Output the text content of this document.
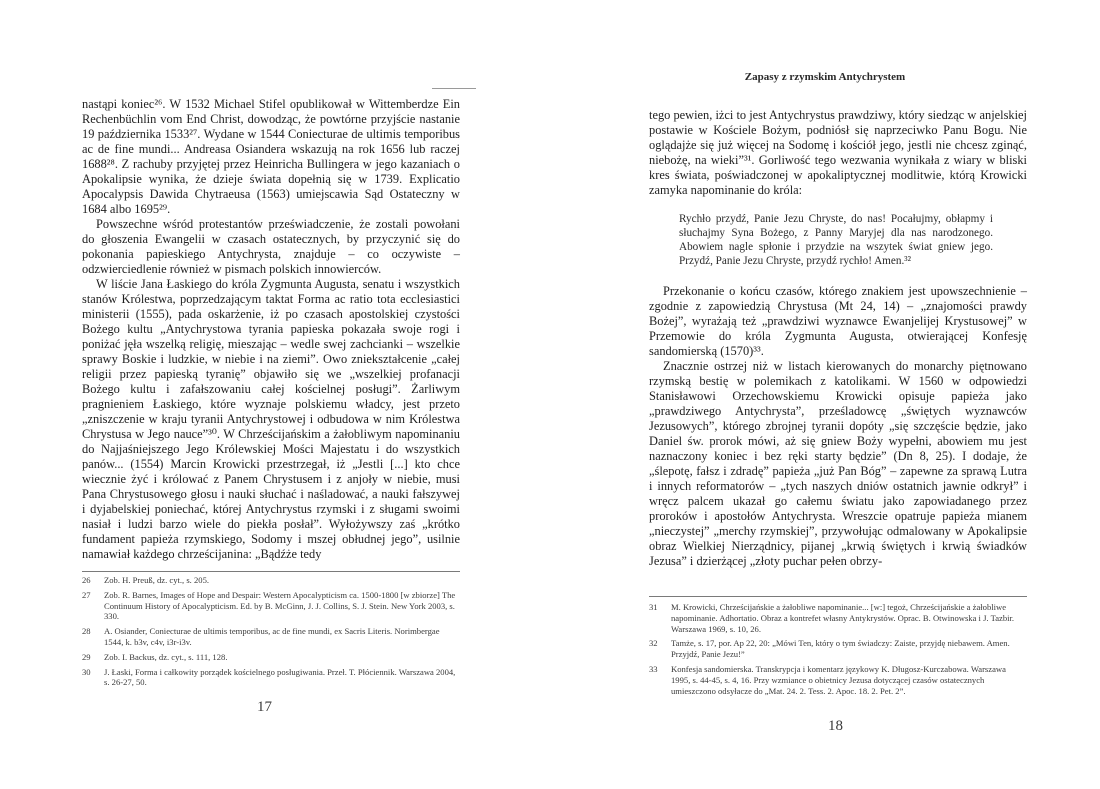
nastąpi koniec²⁶. W 1532 Michael Stifel opublikował w Wittemberdze Ein Rechenbüchlin vom End Christ, dowodząc, że powtórne przyjście nastanie 19 października 1533²⁷. Wydane w 1544 Coniecturae de ultimis temporibus ac de fine mundi... Andreasa Osiandera wskazują na rok 1656 lub raczej 1688²⁸. Z rachuby przyjętej przez Heinricha Bullingera w jego kazaniach o Apokalipsie wynika, że dzieje świata dopełnią się w 1739. Explicatio Apocalypsis Dawida Chytraeusa (1563) umiejscawia Sąd Ostateczny w 1684 albo 1695²⁹.

Powszechne wśród protestantów przeświadczenie, że zostali powołani do głoszenia Ewangelii w czasach ostatecznych, by przyczynić się do pokonania papieskiego Antychrysta, znajduje – co oczywiste – odzwierciedlenie również w pismach polskich innowierców.

W liście Jana Łaskiego do króla Zygmunta Augusta, senatu i wszystkich stanów Królestwa, poprzedzającym taktat Forma ac ratio tota ecclesiastici ministerii (1555), pada oskarżenie, iż po czasach apostolskiej czystości Bożego kultu „Antychrystowa tyrania papieska pokazała swoje rogi i poniżać jęła wszelką religię, mieszając – wedle swej zachcianki – wszelkie sprawy Boskie i ludzkie, w niebie i na ziemi”. Owo zniekształcenie „całej religii przez papieską tyranię” objawiło się we „wszelkiej profanacji Bożego kultu i zafałszowaniu całej kościelnej posługi”. Żarliwym pragnieniem Łaskiego, które wyznaje polskiemu władcy, jest przeto „zniszczenie w kraju tyranii Antychrystowej i odbudowa w nim Królestwa Chrystusa w Jego nauce”³⁰. W Chrześcijańskim a żałobliwym napominaniu do Najjaśniejszego Jego Królewskiej Mości Majestatu i do wszystkich panów... (1554) Marcin Krowicki przestrzegał, iż „Jestli [...] kto chce wiecznie żyć i królować z Panem Chrystusem i z anjoły w niebie, musi Pana Chrystusowego głosu i nauki słuchać i naśladować, a nauki fałszywej i dyjabelskiej poniechać, której Antychrystus rzymski i z sługami swoimi nasiał i ludzi barzo wiele do piekła posłał”. Wyłożywszy zaś „krótko fundament papieża rzymskiego, Sodomy i mszej obłudnej jego”, usilnie namawiał każdego chrześcijanina: „Bądźże tedy

26	Zob. H. Preuß, dz. cyt., s. 205.
27	Zob. R. Barnes, Images of Hope and Despair: Western Apocalypticism ca. 1500-1800 [w zbiorze] The Continuum History of Apocalypticism. Ed. by B. McGinn, J. J. Collins, S. J. Stein. New York 2003, s. 330.
28	A. Osiander, Coniecturae de ultimis temporibus, ac de fine mundi, ex Sacris Literis. Norimbergae 1544, k. b3v, c4v, i3r-i3v.
29	Zob. I. Backus, dz. cyt., s. 111, 128.
30	J. Łaski, Forma i całkowity porządek kościelnego posługiwania. Przeł. T. Płóciennik. Warszawa 2004, s. 26-27, 50.
17
Zapasy z rzymskim Antychrystem

tego pewien, iżci to jest Antychrystus prawdziwy, który siedząc w anjelskiej postawie w Kościele Bożym, podniósł się naprzeciwko Panu Bogu. Nie oglądajże się już więcej na Sodomę i kościół jego, jestli nie chcesz zginąć, niebożę, na wieki”³¹. Gorliwość tego wezwania wynikała z wiary w bliski kres świata, poświadczonej w apokaliptycznej modlitwie, którą Krowicki zamyka napominanie do króla:

Rychło przydź, Panie Jezu Chryste, do nas! Pocałujmy, obłapmy i słuchajmy Syna Bożego, z Panny Maryjej dla nas narodzonego. Abowiem nagle spłonie i przydzie na wszytek świat gniew jego. Przydź, Panie Jezu Chryste, przydź rychło! Amen.³²

Przekonanie o końcu czasów, którego znakiem jest upowszechnienie – zgodnie z zapowiedzią Chrystusa (Mt 24, 14) – „znajomości prawdy Bożej”, wyrażają też „prawdziwi wyznawce Ewanjelijej Krystusowej” w Przemowie do króla Zygmunta Augusta, otwierającej Konfesję sandomierską (1570)³³.

Znacznie ostrzej niż w listach kierowanych do monarchy piętnowano rzymską bestię w polemikach z katolikami. W 1560 w odpowiedzi Stanisławowi Orzechowskiemu Krowicki opisuje papieża jako „prawdziwego Antychrysta”, prześladowcę „świętych wyznawców Jezusowych”, którego zbrojnej tyranii dopóty „się szczęście będzie, jako Daniel św. prorok mówi, aż się gniew Boży wypełni, abowiem mu jest naznaczony koniec i bez ręki starty będzie” (Dn 8, 25). I dodaje, że „ślepotę, fałsz i zdradę” papieża „już Pan Bóg” – zapewne za sprawą Lutra i innych reformatorów – „tych naszych dniów ostatnich jawnie odkrył” i wręcz palcem ukazał go całemu światu jako zapowiadanego przez proroków i apostołów Antychrysta. Wreszcie opatruje papieża mianem „nieczystej” „merchy rzymskiej”, przywołując odmalowany w Apokalipsie obraz Wielkiej Nierządnicy, pijanej „krwią świętych i krwią świadków Jezusa” i dzierżącej „złoty puchar pełen obrzy-

31	M. Krowicki, Chrześcijańskie a żałobliwe napominanie... [w:] tegoż, Chrześcijańskie a żałobliwe napominanie. Adhortatio. Obraz a kontrefet własny Antykrystów. Oprac. B. Otwinowska i J. Tazbir. Warszawa 1969, s. 10, 26.
32	Tamże, s. 17, por. Ap 22, 20: „Mówi Ten, który o tym świadczy: Zaiste, przyjdę niebawem. Amen. Przyjdź, Panie Jezu!”
33	Konfesja sandomierska. Transkrypcja i komentarz językowy K. Długosz-Kurczabowa. Warszawa 1995, s. 44-45, s. 4, 16. Przy wzmiance o obietnicy Jezusa dotyczącej czasów ostatecznych umieszczono odsyłacze do „Mat. 24. 2. Tess. 2. Apoc. 18. 2. Pet. 2”.
18
